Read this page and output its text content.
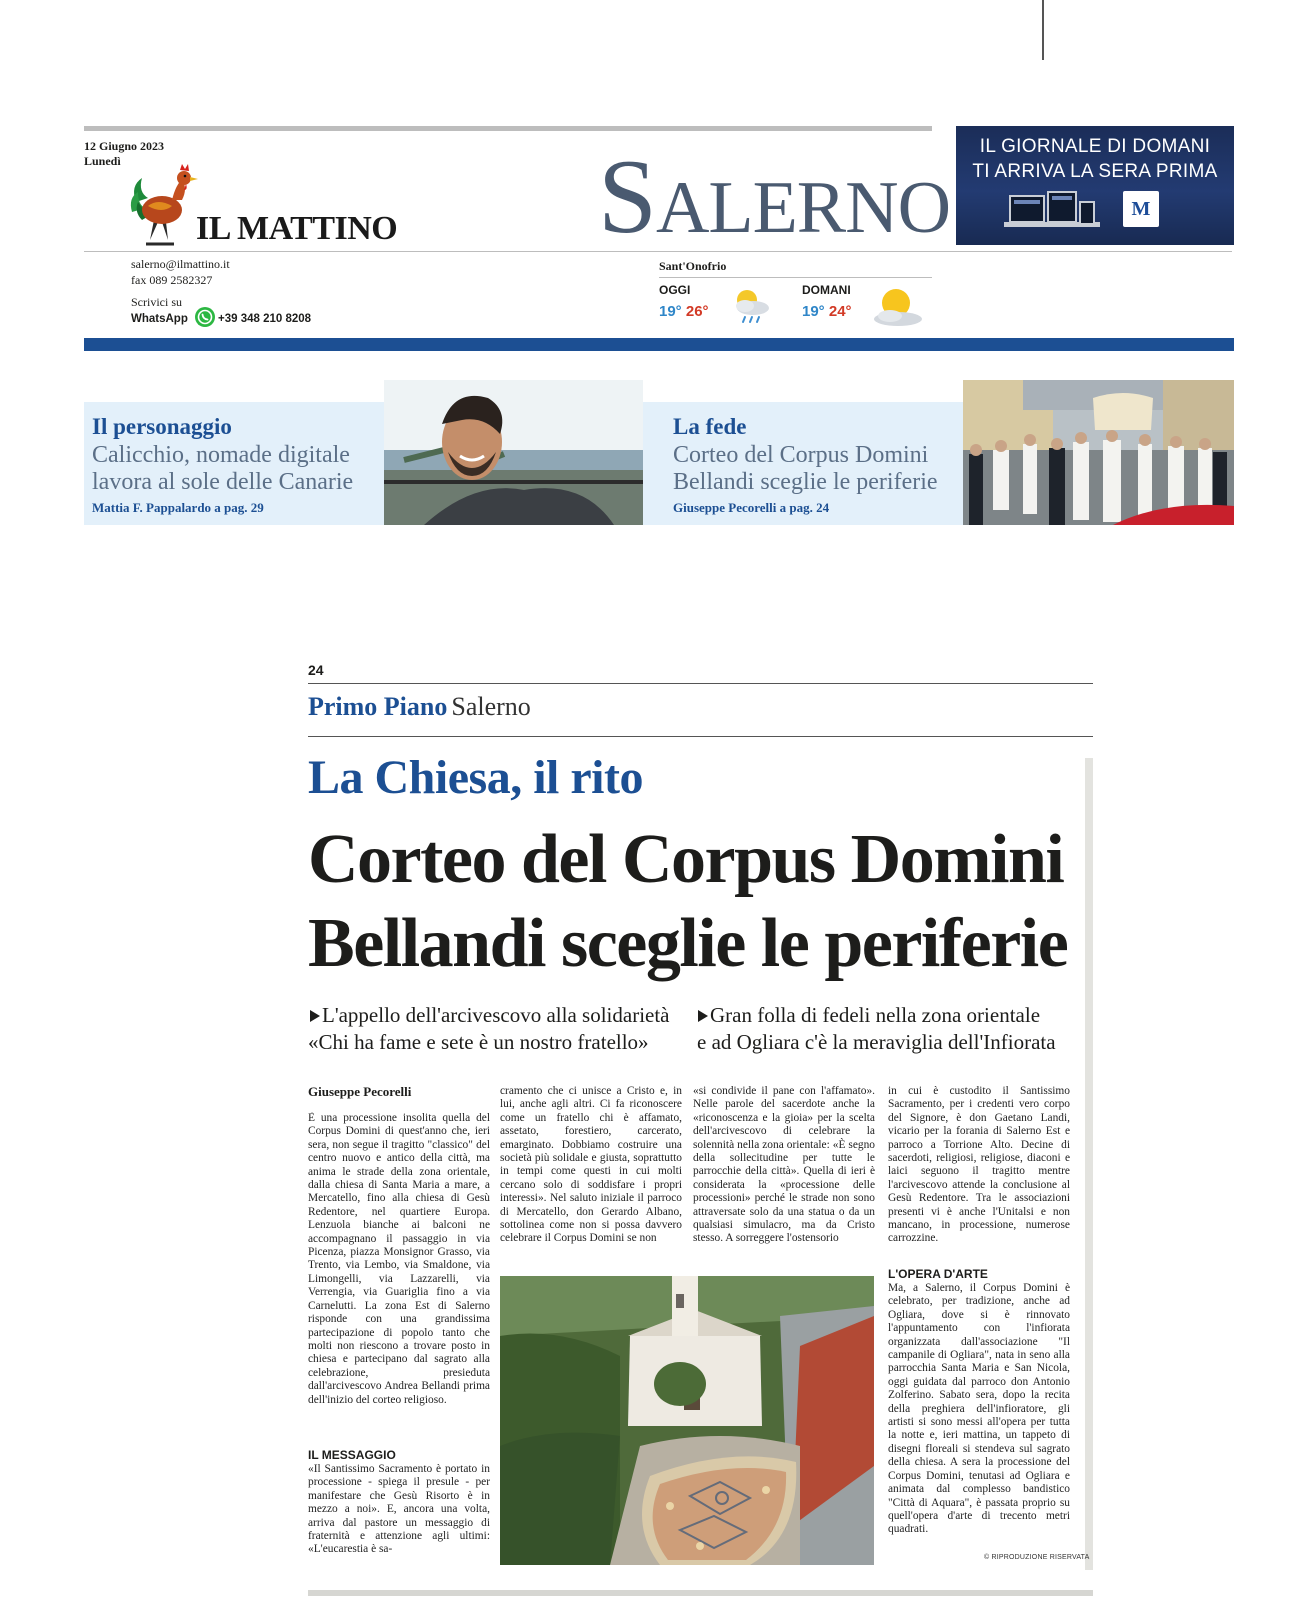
12 Giugno 2023
Lunedì
IL MATTINO
salerno@ilmattino.it
fax 089 2582327
Scrivici su
WhatsApp	+39 348 210 8208
SALERNO
Sant'Onofrio
OGGI
19° 26°
DOMANI
19° 24°
IL GIORNALE DI DOMANI
TI ARRIVA LA SERA PRIMA
M
Il personaggio
Calicchio, nomade digitale
lavora al sole delle Canarie
Mattia F. Pappalardo a pag. 29
La fede
Corteo del Corpus Domini
Bellandi sceglie le periferie
Giuseppe Pecorelli a pag. 24
24
Primo Piano Salerno
La Chiesa, il rito
Corteo del Corpus Domini
Bellandi sceglie le periferie
L'appello dell'arcivescovo alla solidarietà
«Chi ha fame e sete è un nostro fratello»
Gran folla di fedeli nella zona orientale
e ad Ogliara c'è la meraviglia dell'Infiorata
Giuseppe Pecorelli
È una processione insolita quella del Corpus Domini di quest'anno che, ieri sera, non segue il tragitto "classico" del centro nuovo e antico della città, ma anima le strade della zona orientale, dalla chiesa di Santa Maria a mare, a Mercatello, fino alla chiesa di Gesù Redentore, nel quartiere Europa. Lenzuola bianche ai balconi ne accompagnano il passaggio in via Picenza, piazza Monsignor Grasso, via Trento, via Lembo, via Smaldone, via Limongelli, via Lazzarelli, via Verrengia, via Guariglia fino a via Carnelutti. La zona Est di Salerno risponde con una grandissima partecipazione di popolo tanto che molti non riescono a trovare posto in chiesa e partecipano dal sagrato alla celebrazione, presieduta dall'arcivescovo Andrea Bellandi prima dell'inizio del corteo religioso.
IL MESSAGGIO
«Il Santissimo Sacramento è portato in processione - spiega il presule - per manifestare che Gesù Risorto è in mezzo a noi». E, ancora una volta, arriva dal pastore un messaggio di fraternità e attenzione agli ultimi: «L'eucarestia è sa-
cramento che ci unisce a Cristo e, in lui, anche agli altri. Ci fa riconoscere come un fratello chi è affamato, assetato, forestiero, carcerato, emarginato. Dobbiamo costruire una società più solidale e giusta, soprattutto in tempi come questi in cui molti cercano solo di soddisfare i propri interessi». Nel saluto iniziale il parroco di Mercatello, don Gerardo Albano, sottolinea come non si possa davvero celebrare il Corpus Domini se non
«si condivide il pane con l'affamato». Nelle parole del sacerdote anche la «riconoscenza e la gioia» per la scelta dell'arcivescovo di celebrare la solennità nella zona orientale: «È segno della sollecitudine per tutte le parrocchie della città». Quella di ieri è considerata la «processione delle processioni» perché le strade non sono attraversate solo da una statua o da un qualsiasi simulacro, ma da Cristo stesso. A sorreggere l'ostensorio
in cui è custodito il Santissimo Sacramento, per i credenti vero corpo del Signore, è don Gaetano Landi, vicario per la forania di Salerno Est e parroco a Torrione Alto. Decine di sacerdoti, religiosi, religiose, diaconi e laici seguono il tragitto mentre l'arcivescovo attende la conclusione al Gesù Redentore. Tra le associazioni presenti vi è anche l'Unitalsi e non mancano, in processione, numerose carrozzine.
L'OPERA D'ARTE
Ma, a Salerno, il Corpus Domini è celebrato, per tradizione, anche ad Ogliara, dove si è rinnovato l'appuntamento con l'infiorata organizzata dall'associazione "Il campanile di Ogliara", nata in seno alla parrocchia Santa Maria e San Nicola, oggi guidata dal parroco don Antonio Zolferino. Sabato sera, dopo la recita della preghiera dell'infioratore, gli artisti si sono messi all'opera per tutta la notte e, ieri mattina, un tappeto di disegni floreali si stendeva sul sagrato della chiesa. A sera la processione del Corpus Domini, tenutasi ad Ogliara e animata dal complesso bandistico "Città di Aquara", è passata proprio su quell'opera d'arte di trecento metri quadrati.
© RIPRODUZIONE RISERVATA
